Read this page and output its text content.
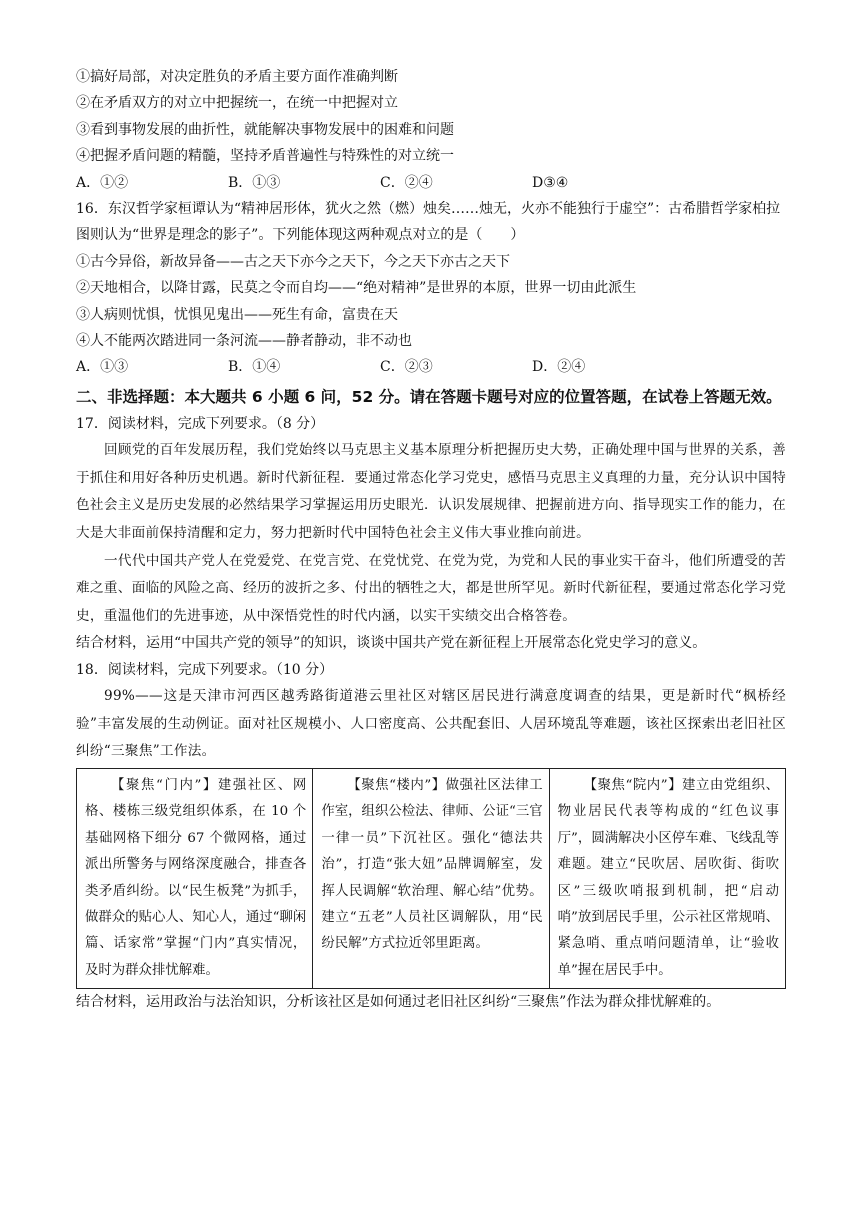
①搞好局部，对决定胜负的矛盾主要方面作准确判断

②在矛盾双方的对立中把握统一，在统一中把握对立

③看到事物发展的曲折性，就能解决事物发展中的困难和问题

④把握矛盾问题的精髓，坚持矛盾普遍性与特殊性的对立统一

A．①②	B．①③	C．②④	D③④

16．东汉哲学家桓谭认为“精神居形体，犹火之然（燃）烛矣……烛无，火亦不能独行于虚空”：古希腊哲学家柏拉图则认为“世界是理念的影子”。下列能体现这两种观点对立的是（　　）

①古今异俗，新故异备——古之天下亦今之天下，今之天下亦古之天下

②天地相合，以降甘露，民莫之令而自均——“绝对精神”是世界的本原，世界一切由此派生

③人病则忧惧，忧惧见鬼出——死生有命，富贵在天

④人不能两次踏进同一条河流——静者静动，非不动也

A．①③	B．①④	C．②③	D．②④

二、非选择题：本大题共 6 小题 6 问，52 分。请在答题卡题号对应的位置答题，在试卷上答题无效。

17．阅读材料，完成下列要求。（8 分）

回顾党的百年发展历程，我们党始终以马克思主义基本原理分析把握历史大势，正确处理中国与世界的关系，善于抓住和用好各种历史机遇。新时代新征程．要通过常态化学习党史，感悟马克思主义真理的力量，充分认识中国特色社会主义是历史发展的必然结果学习掌握运用历史眼光．认识发展规律、把握前进方向、指导现实工作的能力，在大是大非面前保持清醒和定力，努力把新时代中国特色社会主义伟大事业推向前进。

一代代中国共产党人在党爱党、在党言党、在党忧党、在党为党，为党和人民的事业实干奋斗，他们所遭受的苦难之重、面临的风险之高、经历的波折之多、付出的牺牲之大，都是世所罕见。新时代新征程，要通过常态化学习党史，重温他们的先进事迹，从中深悟党性的时代内涵，以实干实绩交出合格答卷。

结合材料，运用“中国共产党的领导”的知识，谈谈中国共产党在新征程上开展常态化党史学习的意义。

18．阅读材料，完成下列要求。（10 分）

99%——这是天津市河西区越秀路街道港云里社区对辖区居民进行满意度调查的结果，更是新时代“枫桥经验”丰富发展的生动例证。面对社区规模小、人口密度高、公共配套旧、人居环境乱等难题，该社区探索出老旧社区纠纷“三聚焦”工作法。

【聚焦“门内”】建强社区、网格、楼栋三级党组织体系，在 10 个基础网格下细分 67 个微网格，通过派出所警务与网络深度融合，排查各类矛盾纠纷。以“民生板凳”为抓手，做群众的贴心人、知心人，通过“聊闲篇、话家常”掌握“门内”真实情况，及时为群众排忧解难。	【聚焦“楼内”】做强社区法律工作室，组织公检法、律师、公证“三官一律一员”下沉社区。强化“德法共治”，打造“张大妞”品牌调解室，发挥人民调解“软治理、解心结”优势。建立“五老”人员社区调解队，用“民纷民解”方式拉近邻里距离。	【聚焦“院内”】建立由党组织、物业居民代表等构成的“红色议事厅”，圆满解决小区停车难、飞线乱等难题。建立“民吹居、居吹街、街吹区”三级吹哨报到机制，把“启动哨”放到居民手里，公示社区常规哨、紧急哨、重点哨问题清单，让“验收单”握在居民手中。

结合材料，运用政治与法治知识，分析该社区是如何通过老旧社区纠纷“三聚焦”作法为群众排忧解难的。
